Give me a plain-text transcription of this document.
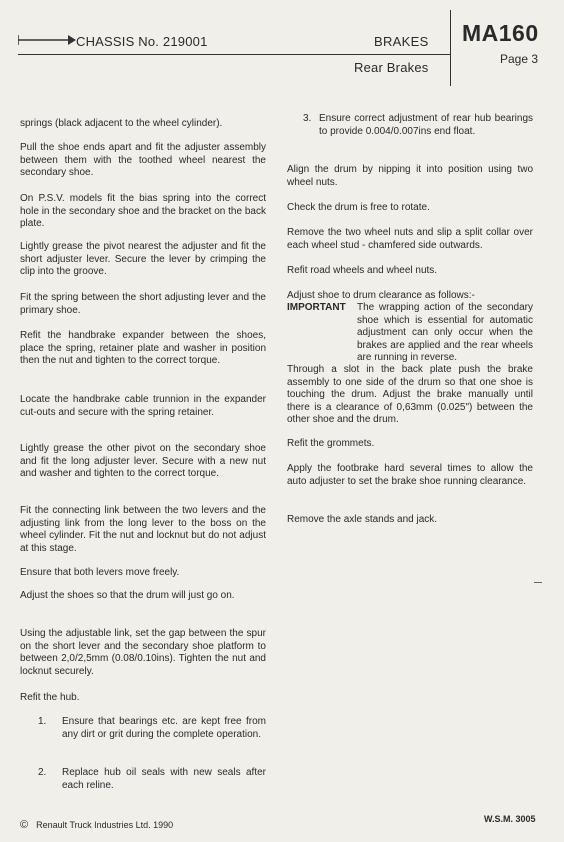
CHASSIS No. 219001	BRAKES
Rear Brakes
MA160
Page 3

springs (black adjacent to the wheel cylinder).

Pull the shoe ends apart and fit the adjuster assembly between them with the toothed wheel nearest the secondary shoe.

On P.S.V. models fit the bias spring into the correct hole in the secondary shoe and the bracket on the back plate.

Lightly grease the pivot nearest the adjuster and fit the short adjuster lever. Secure the lever by crimping the clip into the groove.

Fit the spring between the short adjusting lever and the primary shoe.

Refit the handbrake expander between the shoes, place the spring, retainer plate and washer in position then the nut and tighten to the correct torque.

Locate the handbrake cable trunnion in the expander cut-outs and secure with the spring retainer.

Lightly grease the other pivot on the secondary shoe and fit the long adjuster lever. Secure with a new nut and washer and tighten to the correct torque.

Fit the connecting link between the two levers and the adjusting link from the long lever to the boss on the wheel cylinder. Fit the nut and locknut but do not adjust at this stage.

Ensure that both levers move freely.

Adjust the shoes so that the drum will just go on.

Using the adjustable link, set the gap between the spur on the short lever and the secondary shoe platform to between 2,0/2,5mm (0.08/0.10ins). Tighten the nut and locknut securely.

Refit the hub.

1. Ensure that bearings etc. are kept free from any dirt or grit during the complete operation.

2. Replace hub oil seals with new seals after each reline.

3. Ensure correct adjustment of rear hub bearings to provide 0.004/0.007ins end float.

Align the drum by nipping it into position using two wheel nuts.

Check the drum is free to rotate.

Remove the two wheel nuts and slip a split collar over each wheel stud - chamfered side outwards.

Refit road wheels and wheel nuts.

Adjust shoe to drum clearance as follows:-

IMPORTANT The wrapping action of the secondary shoe which is essential for automatic adjustment can only occur when the brakes are applied and the rear wheels are running in reverse.

Through a slot in the back plate push the brake assembly to one side of the drum so that one shoe is touching the drum. Adjust the brake manually until there is a clearance of 0,63mm (0.025") between the other shoe and the drum.

Refit the grommets.

Apply the footbrake hard several times to allow the auto adjuster to set the brake shoe running clearance.

Remove the axle stands and jack.

© Renault Truck Industries Ltd. 1990
W.S.M. 3005
